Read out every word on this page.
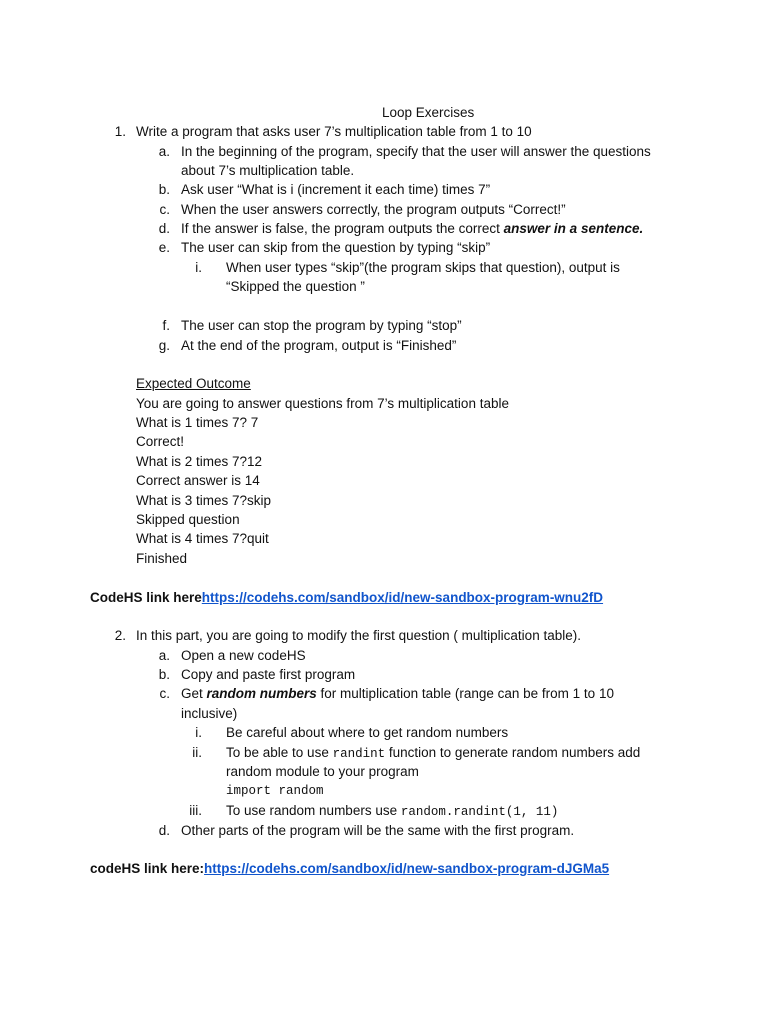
Loop Exercises
1. Write a program that asks user 7’s multiplication table from 1 to 10
a. In the beginning of the program, specify that the user will answer the questions
about 7’s multiplication table.
b. Ask user “What is i (increment it each time) times 7”
c. When the user answers correctly, the program outputs “Correct!”
d. If the answer is false, the program outputs the correct answer in a sentence.
e. The user can skip from the question by typing “skip”
i. When user types “skip”(the program skips that question), output is
“Skipped the question ”
f. The user can stop the program by typing “stop”
g. At the end of the program, output is “Finished”
Expected Outcome
You are going to answer questions from 7’s multiplication table
What is 1 times 7? 7
Correct!
What is 2 times 7?12
Correct answer is 14
What is 3 times 7?skip
Skipped question
What is 4 times 7?quit
Finished
CodeHS link herehttps://codehs.com/sandbox/id/new-sandbox-program-wnu2fD
2. In this part, you are going to modify the first question ( multiplication table).
a. Open a new codeHS
b. Copy and paste first program
c. Get random numbers for multiplication table (range can be from 1 to 10
inclusive)
i. Be careful about where to get random numbers
ii. To be able to use randint function to generate random numbers add
random module to your program
import random
iii. To use random numbers use random.randint(1, 11)
d. Other parts of the program will be the same with the first program.
codeHS link here:https://codehs.com/sandbox/id/new-sandbox-program-dJGMa5
